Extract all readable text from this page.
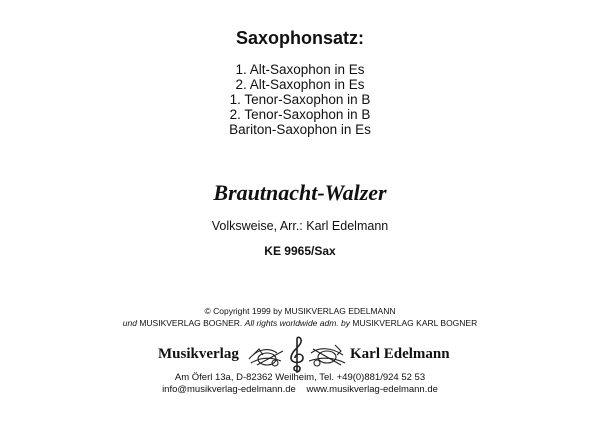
Saxophonsatz:
1. Alt-Saxophon in Es
2. Alt-Saxophon in Es
1. Tenor-Saxophon in B
2. Tenor-Saxophon in B
Bariton-Saxophon in Es
Brautnacht-Walzer
Volksweise, Arr.: Karl Edelmann
KE 9965/Sax
© Copyright 1999 by MUSIKVERLAG EDELMANN
und MUSIKVERLAG BOGNER. All rights worldwide adm. by MUSIKVERLAG KARL BOGNER
Musikverlag	Karl Edelmann
Am Öferl 13a, D-82362 Weilheim, Tel. +49(0)881/924 52 53
info@musikverlag-edelmann.de www.musikverlag-edelmann.de
